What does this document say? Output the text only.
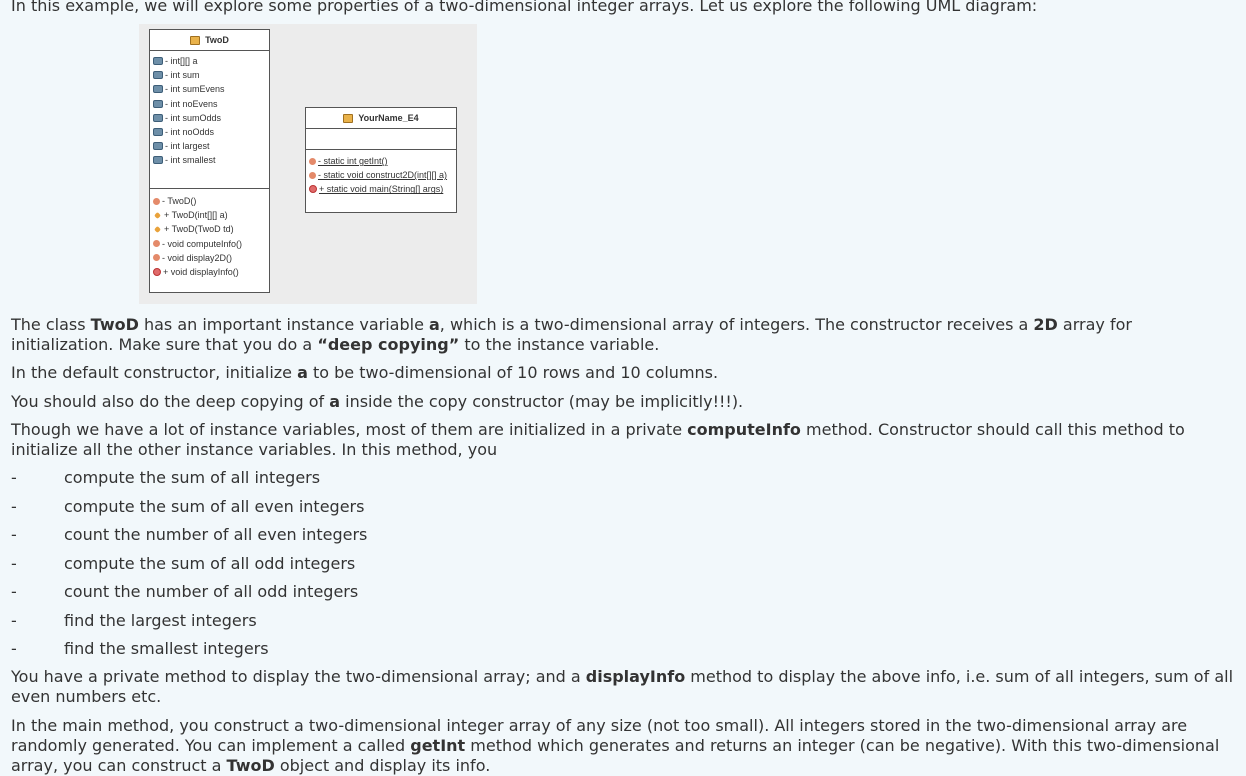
In this example, we will explore some properties of a two-dimensional integer arrays. Let us explore the following UML diagram:
TwoD
- int[][] a
- int sum
- int sumEvens
- int noEvens
- int sumOdds
- int noOdds
- int largest
- int smallest
- TwoD()
+ TwoD(int[][] a)
+ TwoD(TwoD td)
- void computeInfo()
- void display2D()
+ void displayInfo()
YourName_E4
- static int getInt()
- static void construct2D(int[][] a)
+ static void main(String[] args)
The class TwoD has an important instance variable a, which is a two-dimensional array of integers. The constructor receives a 2D array for initialization. Make sure that you do a “deep copying” to the instance variable.
In the default constructor, initialize a to be two-dimensional of 10 rows and 10 columns.
You should also do the deep copying of a inside the copy constructor (may be implicitly!!!).
Though we have a lot of instance variables, most of them are initialized in a private computeInfo method. Constructor should call this method to initialize all the other instance variables. In this method, you
-	compute the sum of all integers
-	compute the sum of all even integers
-	count the number of all even integers
-	compute the sum of all odd integers
-	count the number of all odd integers
-	find the largest integers
-	find the smallest integers
You have a private method to display the two-dimensional array; and a displayInfo method to display the above info, i.e. sum of all integers, sum of all even numbers etc.
In the main method, you construct a two-dimensional integer array of any size (not too small). All integers stored in the two-dimensional array are randomly generated. You can implement a called getInt method which generates and returns an integer (can be negative). With this two-dimensional array, you can construct a TwoD object and display its info.
